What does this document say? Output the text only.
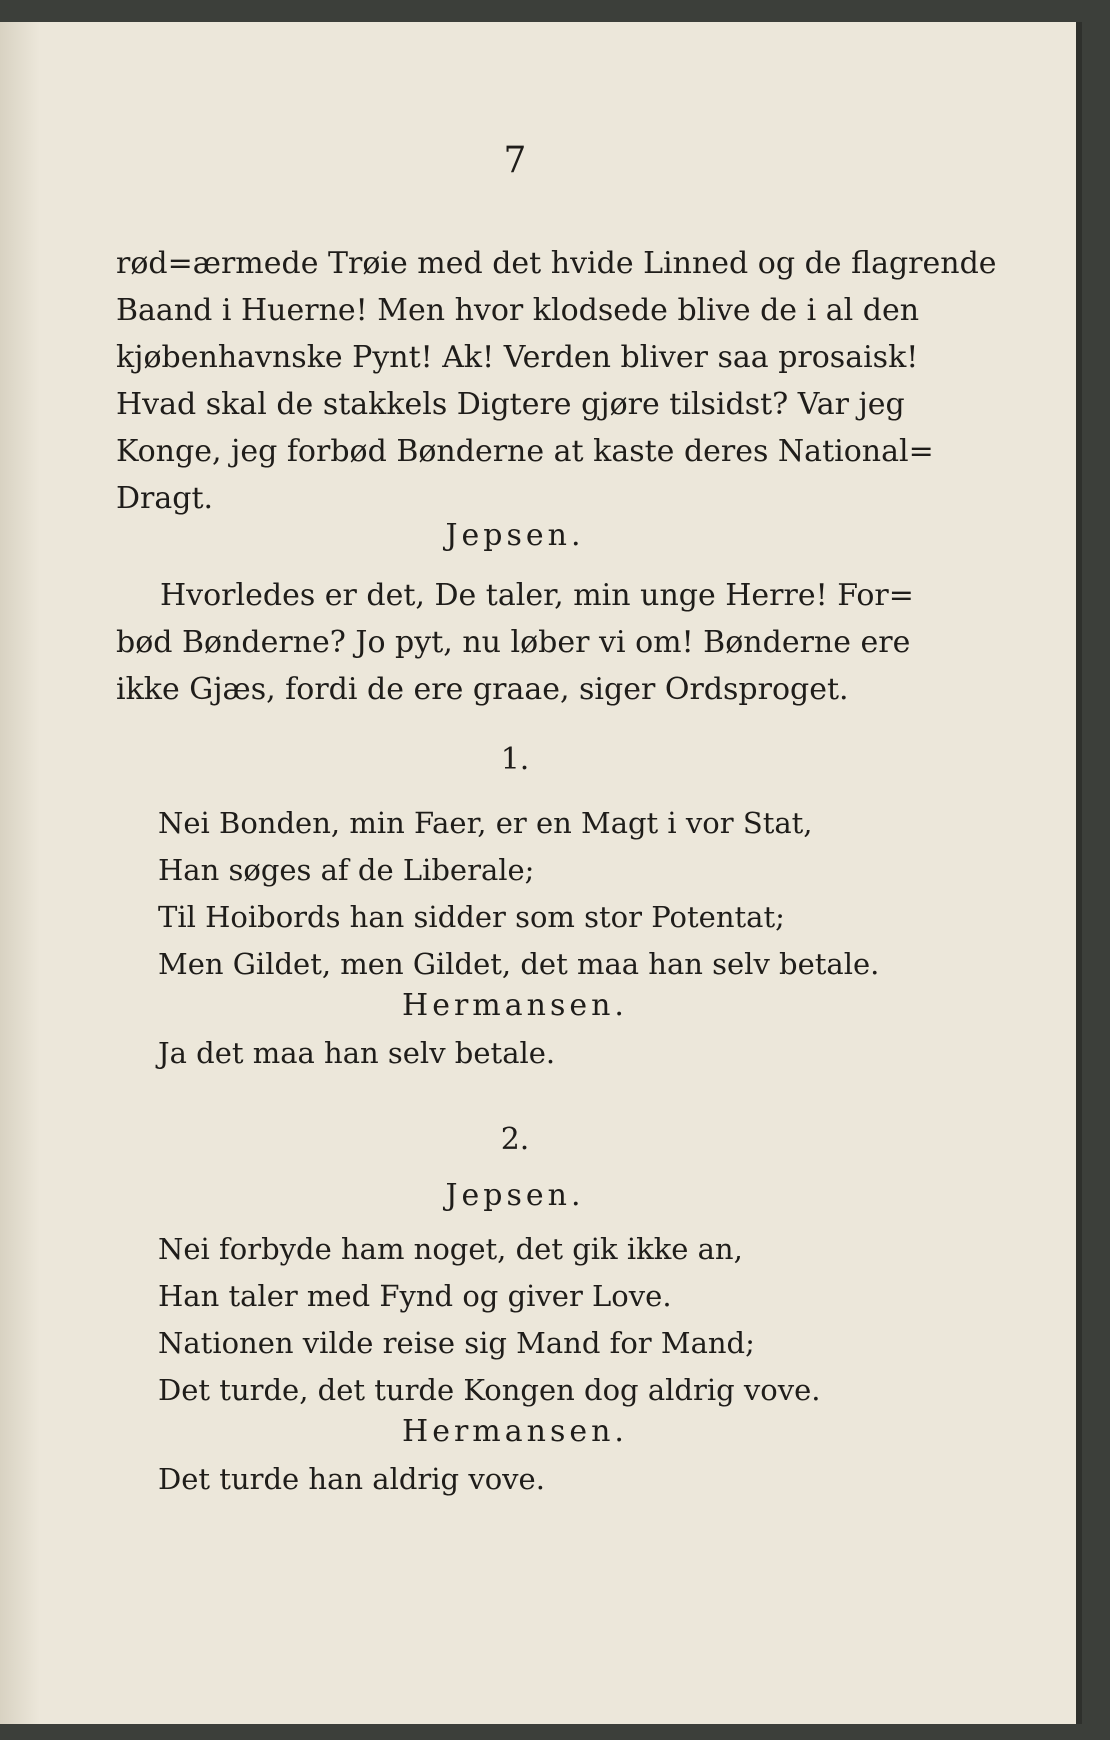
7
rød=ærmede Trøie med det hvide Linned og de flagrende
Baand i Huerne! Men hvor klodsede blive de i al den
kjøbenhavnske Pynt! Ak! Verden bliver saa prosaisk!
Hvad skal de stakkels Digtere gjøre tilsidst? Var jeg
Konge, jeg forbød Bønderne at kaste deres National=
Dragt.
Jepsen.
Hvorledes er det, De taler, min unge Herre! For=
bød Bønderne? Jo pyt, nu løber vi om! Bønderne ere
ikke Gjæs, fordi de ere graae, siger Ordsproget.
1.
Nei Bonden, min Faer, er en Magt i vor Stat,
Han søges af de Liberale;
Til Hoibords han sidder som stor Potentat;
Men Gildet, men Gildet, det maa han selv betale.
Hermansen.
Ja det maa han selv betale.
2.
Jepsen.
Nei forbyde ham noget, det gik ikke an,
Han taler med Fynd og giver Love.
Nationen vilde reise sig Mand for Mand;
Det turde, det turde Kongen dog aldrig vove.
Hermansen.
Det turde han aldrig vove.
